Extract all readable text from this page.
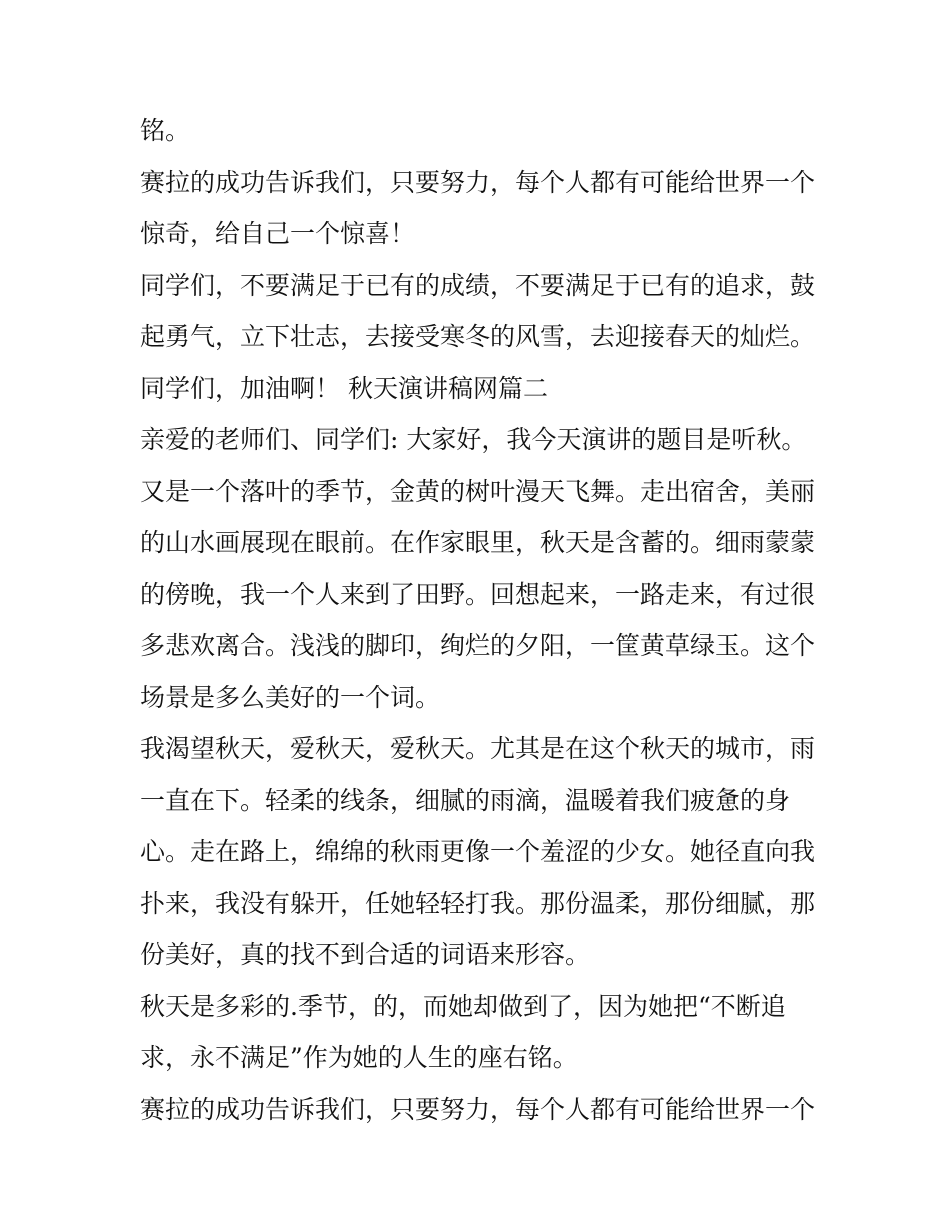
铭。
赛拉的成功告诉我们，只要努力，每个人都有可能给世界一个
惊奇，给自己一个惊喜！
同学们，不要满足于已有的成绩，不要满足于已有的追求，鼓
起勇气，立下壮志，去接受寒冬的风雪，去迎接春天的灿烂。
同学们，加油啊！ 秋天演讲稿网篇二
亲爱的老师们、同学们: 大家好，我今天演讲的题目是听秋。
又是一个落叶的季节，金黄的树叶漫天飞舞。走出宿舍，美丽
的山水画展现在眼前。在作家眼里，秋天是含蓄的。细雨蒙蒙
的傍晚，我一个人来到了田野。回想起来，一路走来，有过很
多悲欢离合。浅浅的脚印，绚烂的夕阳，一筐黄草绿玉。这个
场景是多么美好的一个词。
我渴望秋天，爱秋天，爱秋天。尤其是在这个秋天的城市，雨
一直在下。轻柔的线条，细腻的雨滴，温暖着我们疲惫的身
心。走在路上，绵绵的秋雨更像一个羞涩的少女。她径直向我
扑来，我没有躲开，任她轻轻打我。那份温柔，那份细腻，那
份美好，真的找不到合适的词语来形容。
秋天是多彩的.季节，的，而她却做到了，因为她把“不断追
求，永不满足”作为她的人生的座右铭。
赛拉的成功告诉我们，只要努力，每个人都有可能给世界一个
